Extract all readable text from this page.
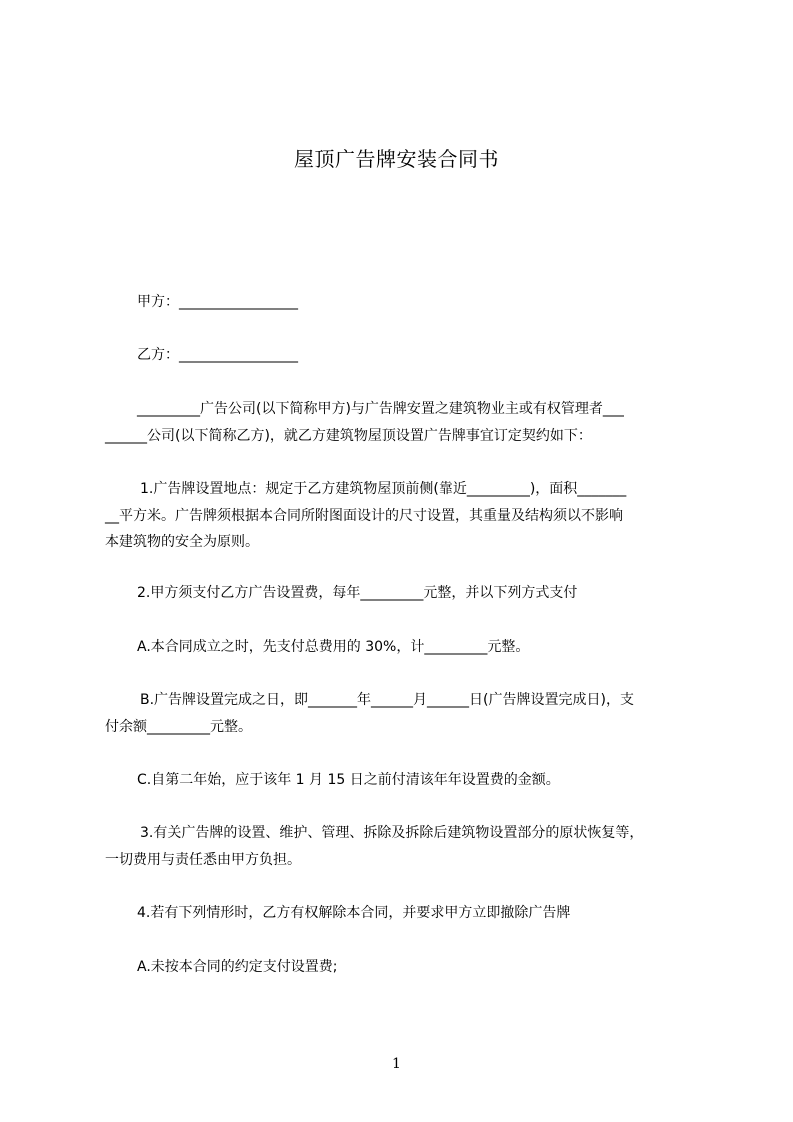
屋顶广告牌安装合同书
甲方：_________________
乙方：_________________
_________广告公司(以下简称甲方)与广告牌安置之建筑物业主或有权管理者___
______公司(以下简称乙方)，就乙方建筑物屋顶设置广告牌事宜订定契约如下：
1.广告牌设置地点：规定于乙方建筑物屋顶前侧(靠近_________)，面积_______
__平方米。广告牌须根据本合同所附图面设计的尺寸设置，其重量及结构须以不影响
本建筑物的安全为原则。
2.甲方须支付乙方广告设置费，每年_________元整，并以下列方式支付
A.本合同成立之时，先支付总费用的 30%，计_________元整。
B.广告牌设置完成之日，即_______年______月______日(广告牌设置完成日)，支
付余额_________元整。
C.自第二年始，应于该年 1 月 15 日之前付清该年年设置费的金额。
3.有关广告牌的设置、维护、管理、拆除及拆除后建筑物设置部分的原状恢复等，
一切费用与责任悉由甲方负担。
4.若有下列情形时，乙方有权解除本合同，并要求甲方立即撤除广告牌
A.未按本合同的约定支付设置费;
1
